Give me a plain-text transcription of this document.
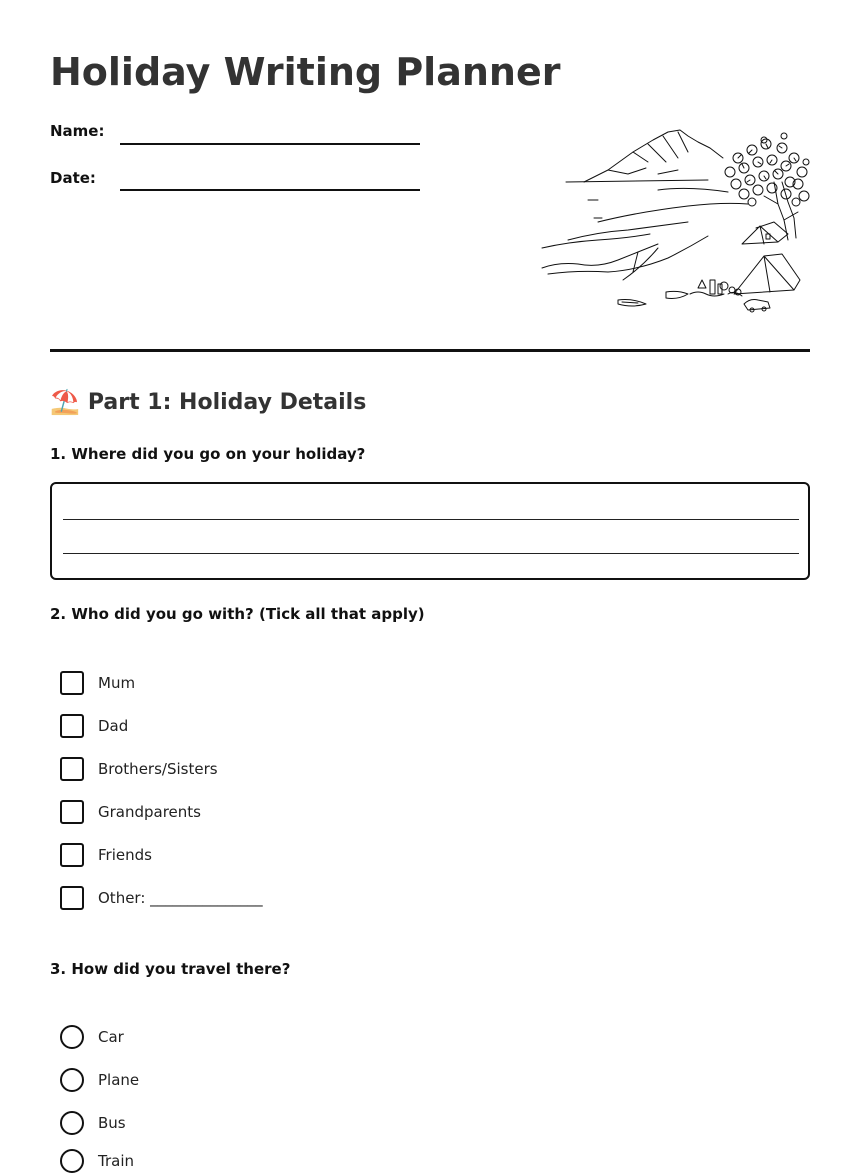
Holiday Writing Planner
Name:
Date:
⛱️ Part 1: Holiday Details
1. Where did you go on your holiday?
2. Who did you go with? (Tick all that apply)
Mum
Dad
Brothers/Sisters
Grandparents
Friends
Other: _______________
3. How did you travel there?
Car
Plane
Bus
Train
